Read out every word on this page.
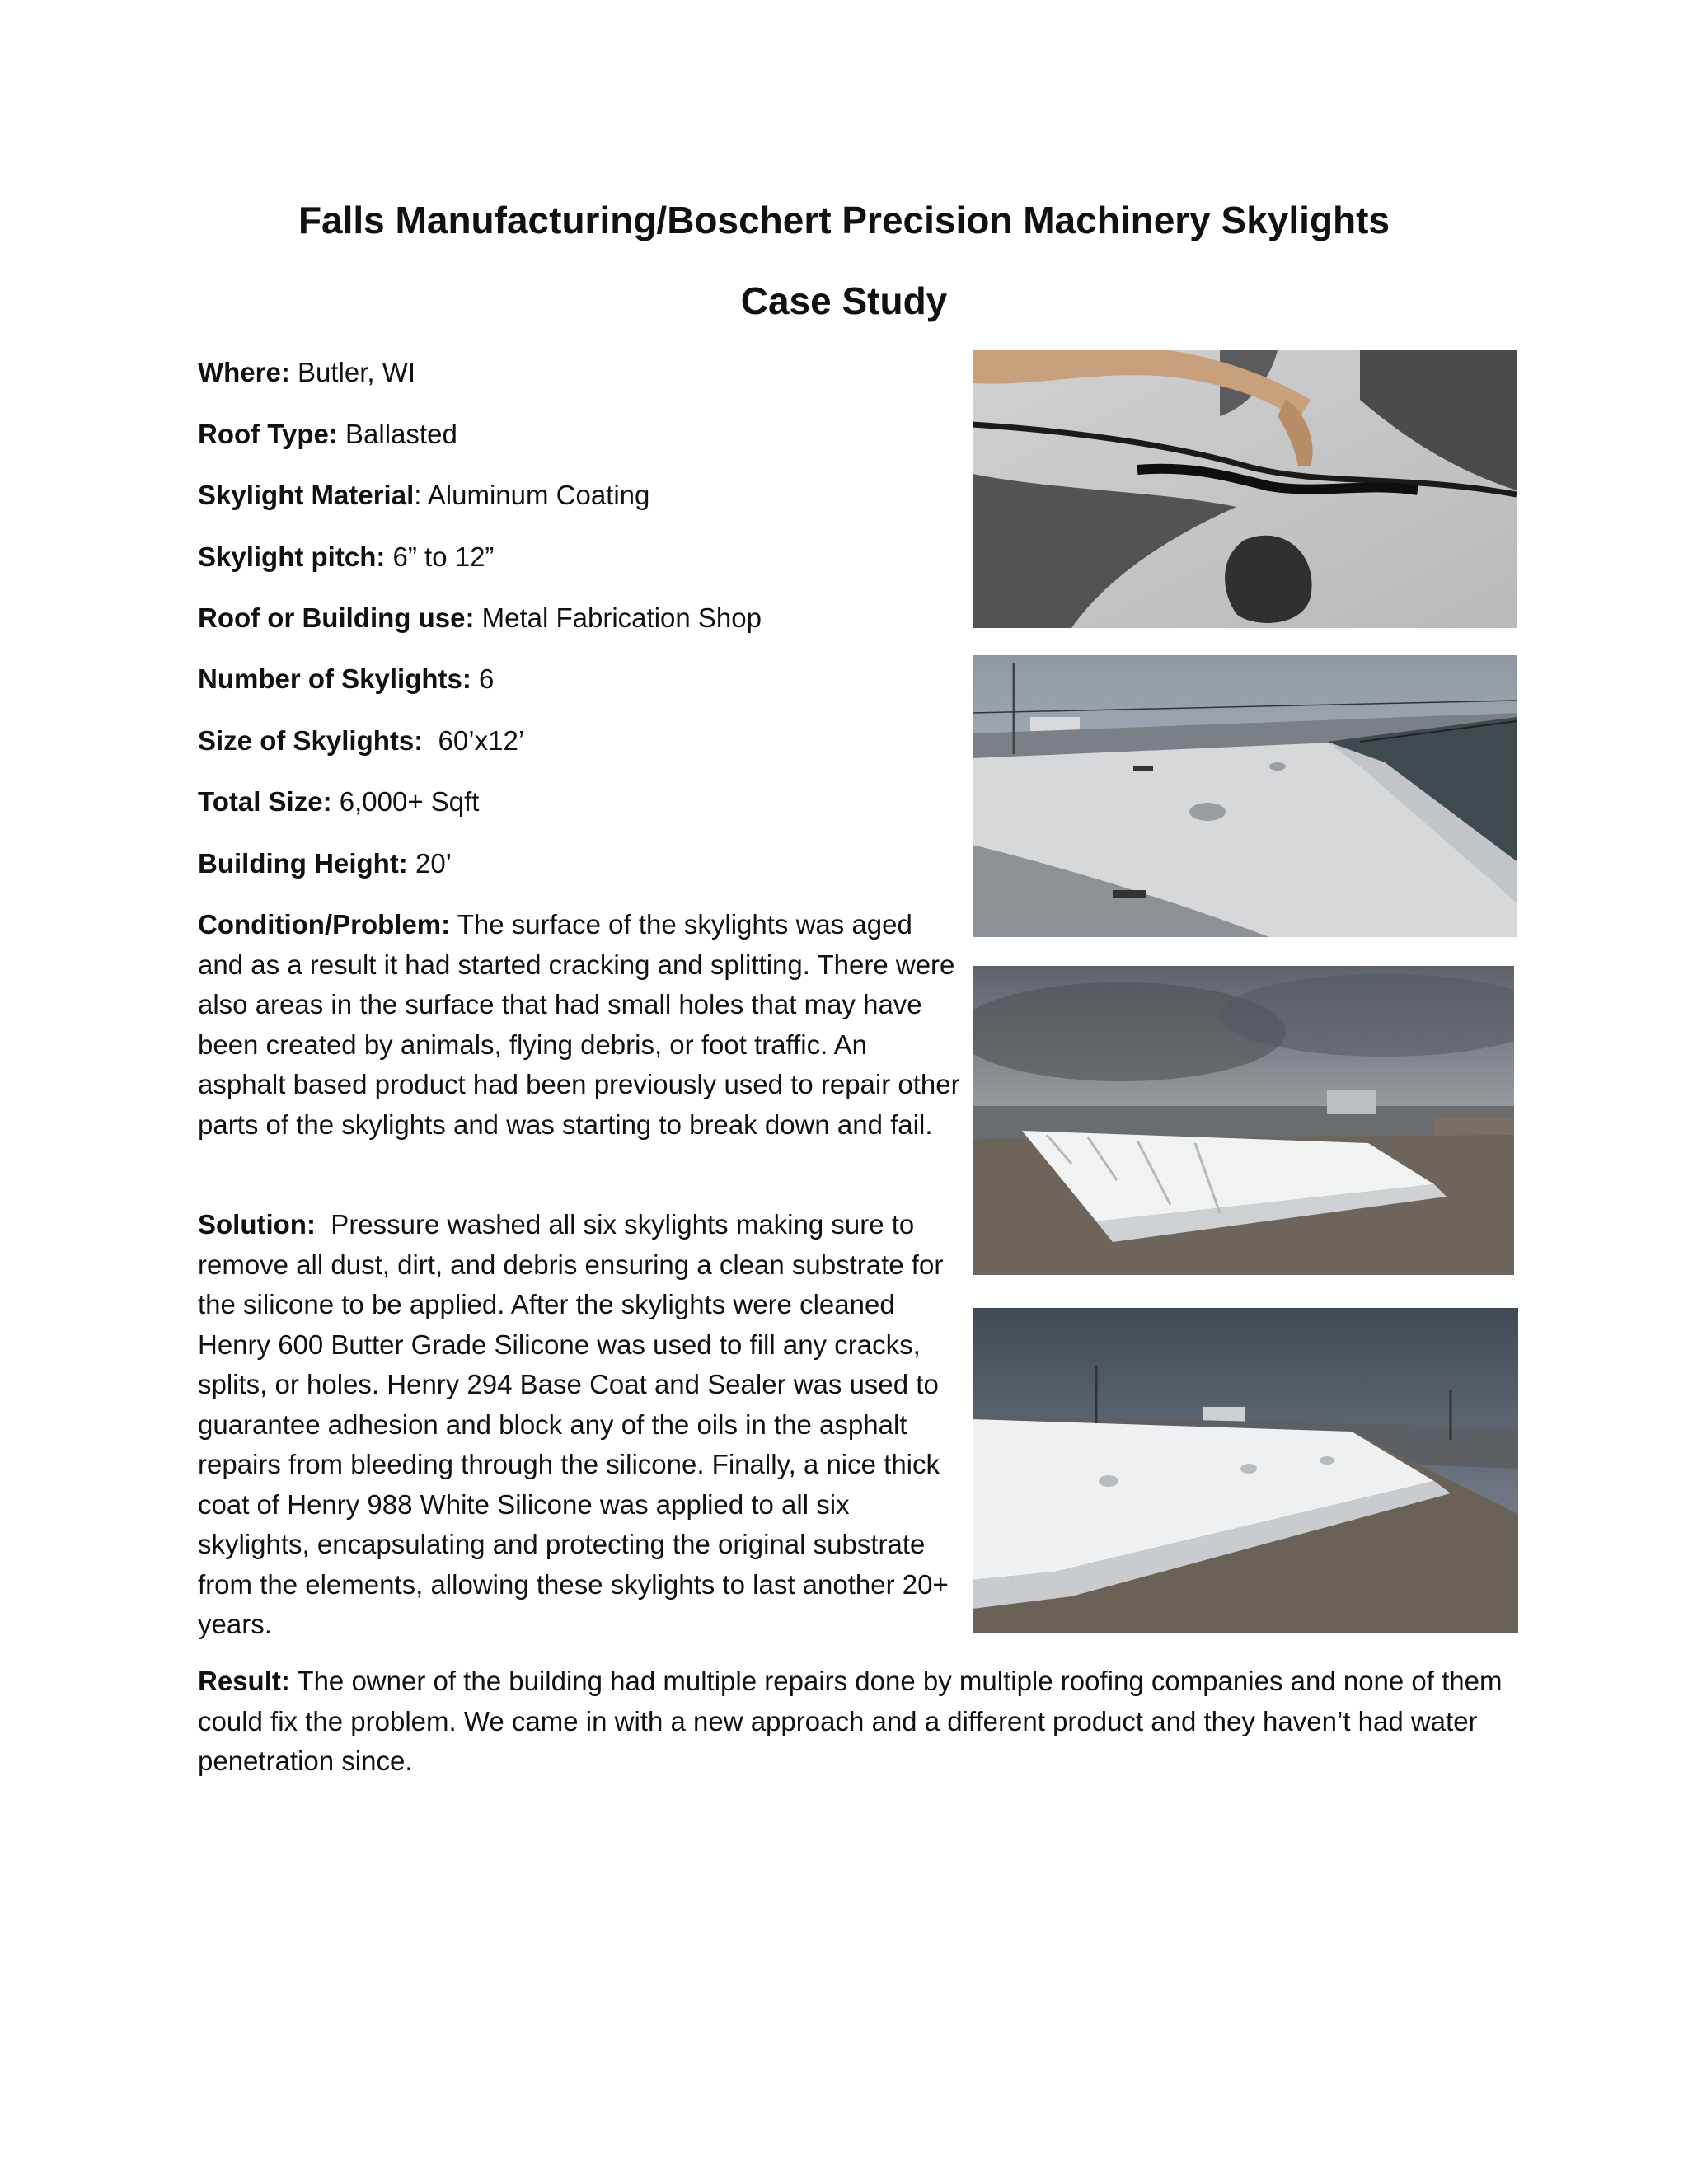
Falls Manufacturing/Boschert Precision Machinery Skylights
Case Study

Where: Butler, WI

Roof Type: Ballasted

Skylight Material: Aluminum Coating

Skylight pitch: 6” to 12”

Roof or Building use: Metal Fabrication Shop

Number of Skylights: 6

Size of Skylights:  60’x12’

Total Size: 6,000+ Sqft

Building Height: 20’

Condition/Problem: The surface of the skylights was aged and as a result it had started cracking and splitting. There were also areas in the surface that had small holes that may have been created by animals, flying debris, or foot traffic. An asphalt based product had been previously used to repair other parts of the skylights and was starting to break down and fail.

Solution:  Pressure washed all six skylights making sure to remove all dust, dirt, and debris ensuring a clean substrate for the silicone to be applied. After the skylights were cleaned Henry 600 Butter Grade Silicone was used to fill any cracks, splits, or holes. Henry 294 Base Coat and Sealer was used to guarantee adhesion and block any of the oils in the asphalt repairs from bleeding through the silicone. Finally, a nice thick coat of Henry 988 White Silicone was applied to all six skylights, encapsulating and protecting the original substrate from the elements, allowing these skylights to last another 20+ years.

Result: The owner of the building had multiple repairs done by multiple roofing companies and none of them could fix the problem. We came in with a new approach and a different product and they haven’t had water penetration since.
